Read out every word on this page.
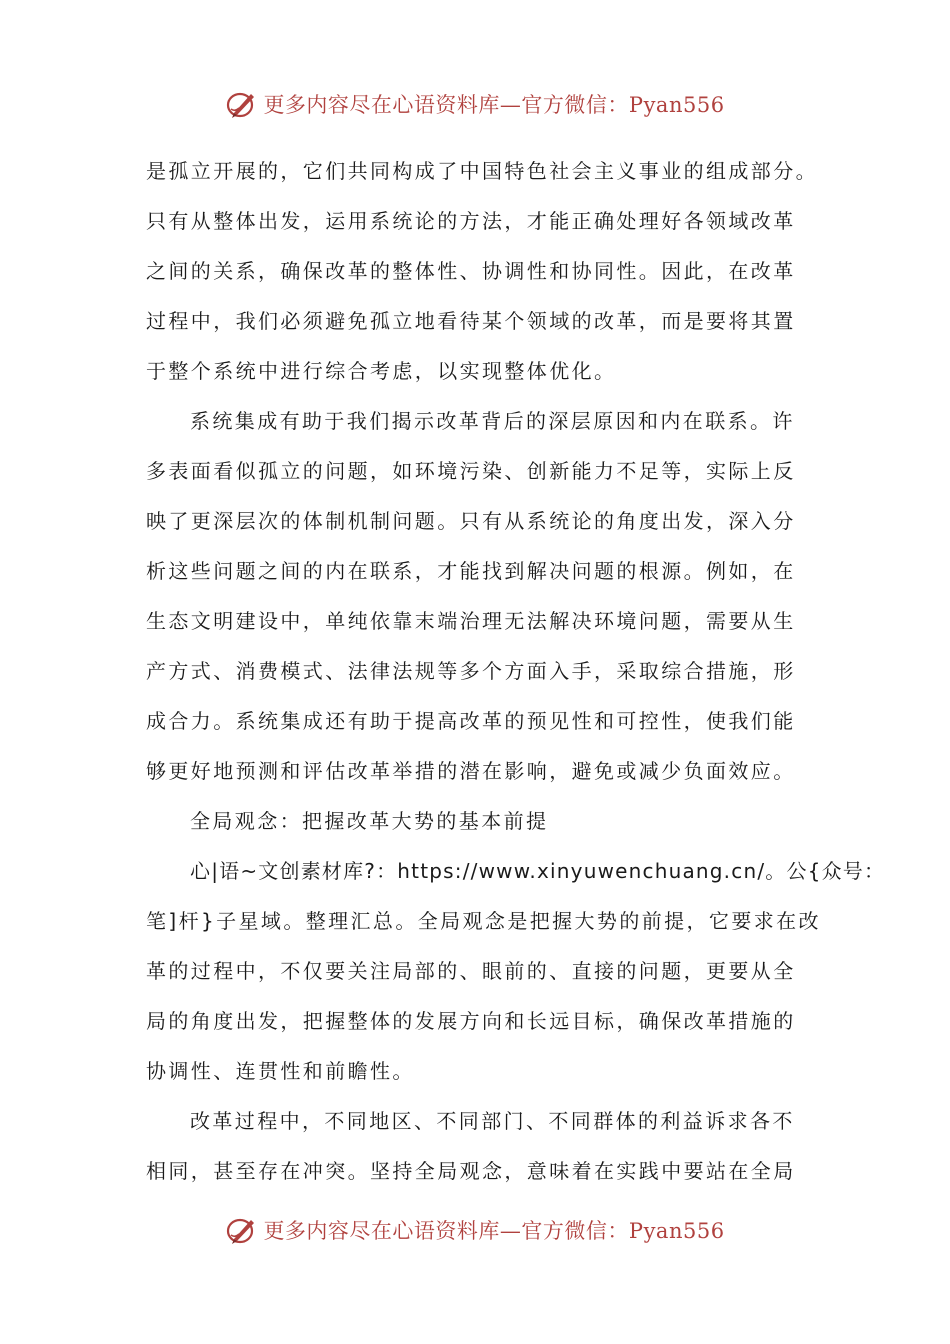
更多内容尽在心语资料库—官方微信：Pyan556
是孤立开展的，它们共同构成了中国特色社会主义事业的组成部分。
只有从整体出发，运用系统论的方法，才能正确处理好各领域改革
之间的关系，确保改革的整体性、协调性和协同性。因此，在改革
过程中，我们必须避免孤立地看待某个领域的改革，而是要将其置
于整个系统中进行综合考虑，以实现整体优化。
系统集成有助于我们揭示改革背后的深层原因和内在联系。许
多表面看似孤立的问题，如环境污染、创新能力不足等，实际上反
映了更深层次的体制机制问题。只有从系统论的角度出发，深入分
析这些问题之间的内在联系，才能找到解决问题的根源。例如，在
生态文明建设中，单纯依靠末端治理无法解决环境问题，需要从生
产方式、消费模式、法律法规等多个方面入手，采取综合措施，形
成合力。系统集成还有助于提高改革的预见性和可控性，使我们能
够更好地预测和评估改革举措的潜在影响，避免或减少负面效应。
全局观念：把握改革大势的基本前提
心|语~文创素材库?：https://www.xinyuwenchuang.cn/。公{众号：
笔]杆}子星域。整理汇总。全局观念是把握大势的前提，它要求在改
革的过程中，不仅要关注局部的、眼前的、直接的问题，更要从全
局的角度出发，把握整体的发展方向和长远目标，确保改革措施的
协调性、连贯性和前瞻性。
改革过程中，不同地区、不同部门、不同群体的利益诉求各不
相同，甚至存在冲突。坚持全局观念，意味着在实践中要站在全局
更多内容尽在心语资料库—官方微信：Pyan556
